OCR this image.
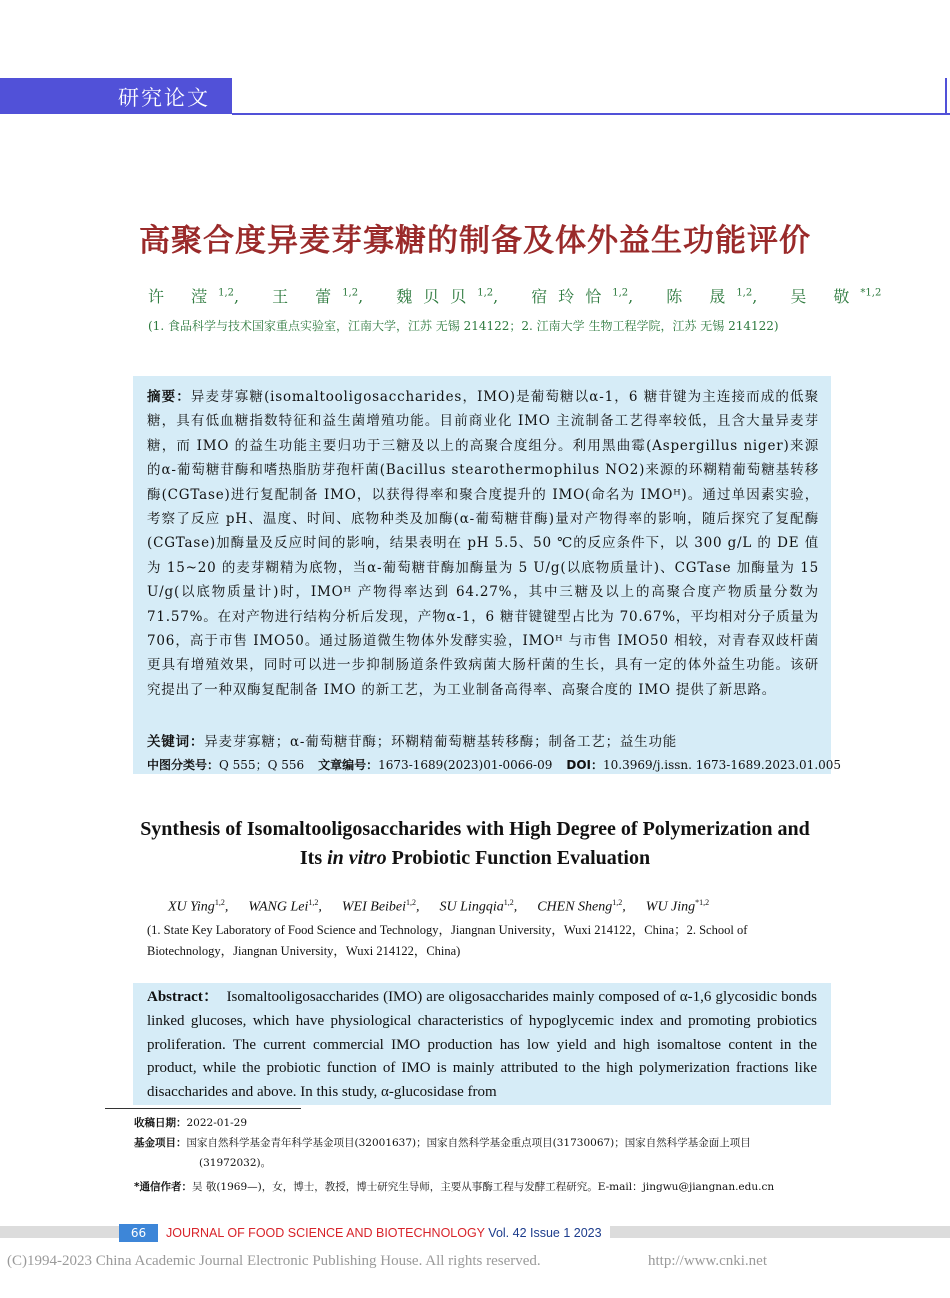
研究论文
高聚合度异麦芽寡糖的制备及体外益生功能评价
许 滢$^{1,2}$, 王 蕾$^{1,2}$, 魏贝贝$^{1,2}$, 宿玲恰$^{1,2}$, 陈 晟$^{1,2}$, 吴 敬$^{*1,2}$
(1. 食品科学与技术国家重点实验室，江南大学，江苏 无锡 214122；2. 江南大学 生物工程学院，江苏 无锡 214122)

摘要：异麦芽寡糖(isomaltooligosaccharides，IMO)是葡萄糖以α-1，6 糖苷键为主连接而成的低聚糖，具有低血糖指数特征和益生菌增殖功能。目前商业化 IMO 主流制备工艺得率较低，且含大量异麦芽糖，而 IMO 的益生功能主要归功于三糖及以上的高聚合度组分。利用黑曲霉(Aspergillus niger)来源的α-葡萄糖苷酶和嗜热脂肪芽孢杆菌(Bacillus stearothermophilus NO2)来源的环糊精葡萄糖基转移酶(CGTase)进行复配制备 IMO，以获得得率和聚合度提升的 IMO(命名为 IMOᴴ)。通过单因素实验，考察了反应 pH、温度、时间、底物种类及加酶(α-葡萄糖苷酶)量对产物得率的影响，随后探究了复配酶(CGTase)加酶量及反应时间的影响，结果表明在 pH 5.5、50 ℃的反应条件下，以 300 g/L 的 DE 值为 15~20 的麦芽糊精为底物，当α-葡萄糖苷酶加酶量为 5 U/g(以底物质量计)、CGTase 加酶量为 15 U/g(以底物质量计)时，IMOᴴ 产物得率达到 64.27%，其中三糖及以上的高聚合度产物质量分数为 71.57%。在对产物进行结构分析后发现，产物α-1，6 糖苷键键型占比为 70.67%，平均相对分子质量为 706，高于市售 IMO50。通过肠道微生物体外发酵实验，IMOᴴ 与市售 IMO50 相较，对青春双歧杆菌更具有增殖效果，同时可以进一步抑制肠道条件致病菌大肠杆菌的生长，具有一定的体外益生功能。该研究提出了一种双酶复配制备 IMO 的新工艺，为工业制备高得率、高聚合度的 IMO 提供了新思路。

关键词：异麦芽寡糖；α-葡萄糖苷酶；环糊精葡萄糖基转移酶；制备工艺；益生功能

中图分类号：Q 555；Q 556 文章编号：1673-1689(2023)01-0066-09 DOI：10.3969/j.issn. 1673-1689.2023.01.005

Synthesis of Isomaltooligosaccharides with High Degree of Polymerization and
Its in vitro Probiotic Function Evaluation
XU Ying$^{1,2}$, WANG Lei$^{1,2}$, WEI Beibei$^{1,2}$, SU Lingqia$^{1,2}$, CHEN Sheng$^{1,2}$, WU Jing$^{*1,2}$
(1. State Key Laboratory of Food Science and Technology，Jiangnan University，Wuxi 214122，China；2. School of Biotechnology，Jiangnan University，Wuxi 214122，China)

Abstract： Isomaltooligosaccharides (IMO) are oligosaccharides mainly composed of α-1,6 glycosidic bonds linked glucoses, which have physiological characteristics of hypoglycemic index and promoting probiotics proliferation. The current commercial IMO production has low yield and high isomaltose content in the product, while the probiotic function of IMO is mainly attributed to the high polymerization fractions like disaccharides and above. In this study, α-glucosidase from

收稿日期：2022-01-29
基金项目：国家自然科学基金青年科学基金项目(32001637)；国家自然科学基金重点项目(31730067)；国家自然科学基金面上项目
(31972032)。
*通信作者：吴 敬(1969—)，女，博士，教授，博士研究生导师，主要从事酶工程与发酵工程研究。E-mail：jingwu@jiangnan.edu.cn
66	JOURNAL OF FOOD SCIENCE AND BIOTECHNOLOGY Vol. 42 Issue 1 2023
(C)1994-2023 China Academic Journal Electronic Publishing House. All rights reserved.	http://www.cnki.net
